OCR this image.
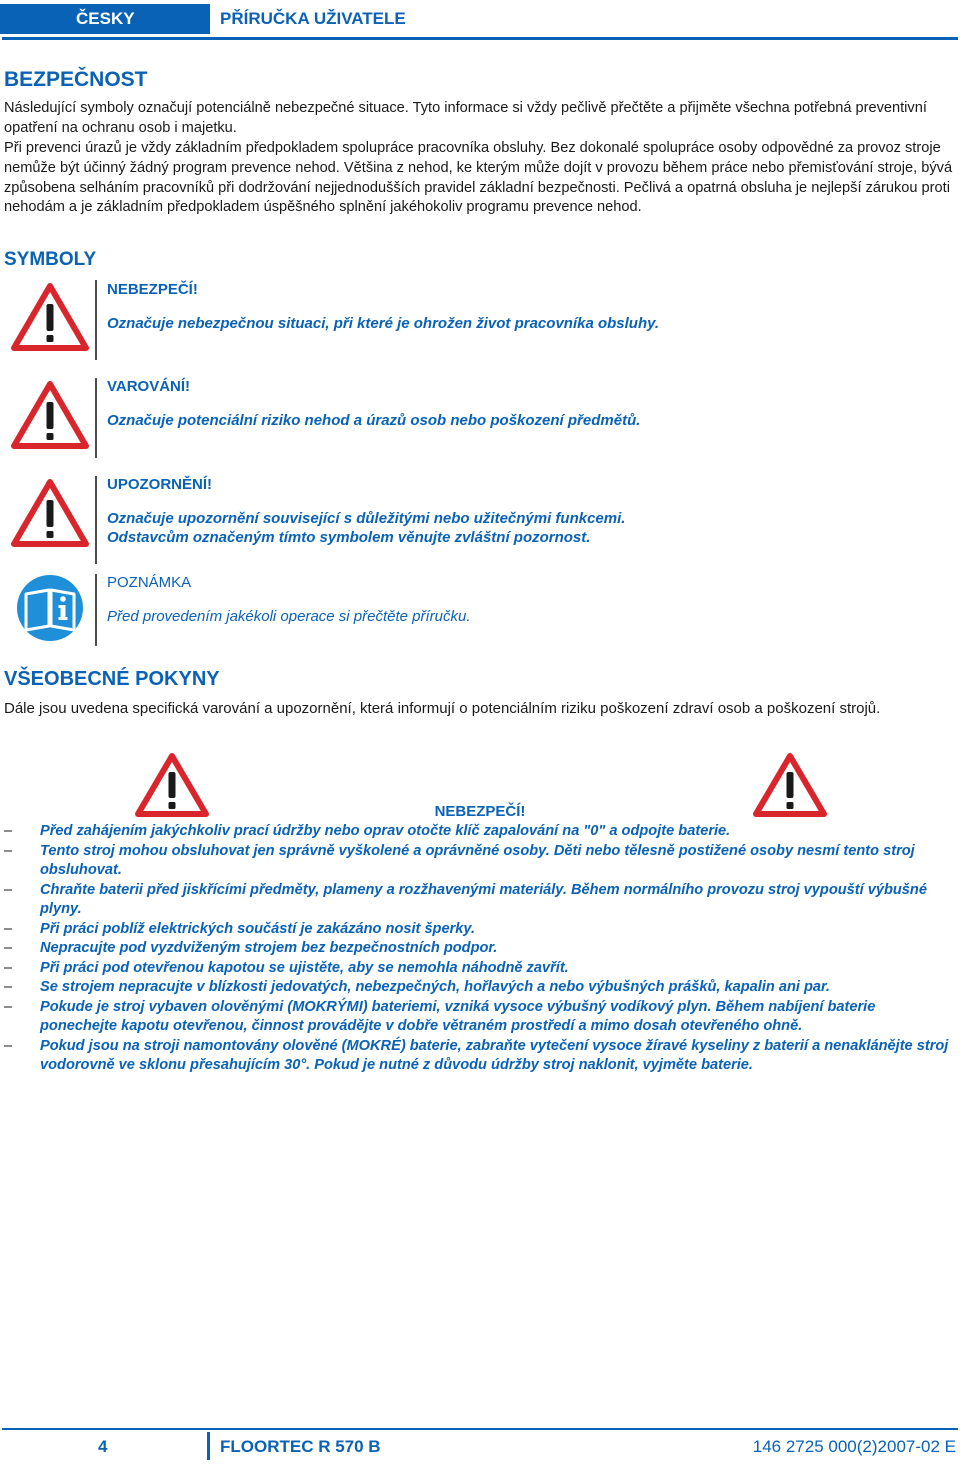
ČESKY	PŘÍRUČKA UŽIVATELE
BEZPEČNOST
Následující symboly označují potenciálně nebezpečné situace. Tyto informace si vždy pečlivě přečtěte a přijměte všechna potřebná preventivní opatření na ochranu osob i majetku.
Při prevenci úrazů je vždy základním předpokladem spolupráce pracovníka obsluhy. Bez dokonalé spolupráce osoby odpovědné za provoz stroje nemůže být účinný žádný program prevence nehod. Většina z nehod, ke kterým může dojít v provozu během práce nebo přemisťování stroje, bývá způsobena selháním pracovníků při dodržování nejjednodušších pravidel základní bezpečnosti. Pečlivá a opatrná obsluha je nejlepší zárukou proti nehodám a je základním předpokladem úspěšného splnění jakéhokoliv programu prevence nehod.
SYMBOLY
NEBEZPEČÍ!
Označuje nebezpečnou situaci, při které je ohrožen život pracovníka obsluhy.
VAROVÁNÍ!
Označuje potenciální riziko nehod a úrazů osob nebo poškození předmětů.
UPOZORNĚNÍ!
Označuje upozornění související s důležitými nebo užitečnými funkcemi.
Odstavcům označeným tímto symbolem věnujte zvláštní pozornost.
POZNÁMKA
Před provedením jakékoli operace si přečtěte příručku.
VŠEOBECNÉ POKYNY
Dále jsou uvedena specifická varování a upozornění, která informují o potenciálním riziku poškození zdraví osob a poškození strojů.
NEBEZPEČÍ!
– Před zahájením jakýchkoliv prací údržby nebo oprav otočte klíč zapalování na "0" a odpojte baterie.
– Tento stroj mohou obsluhovat jen správně vyškolené a oprávněné osoby. Děti nebo tělesně postižené osoby nesmí tento stroj obsluhovat.
– Chraňte baterii před jiskřícími předměty, plameny a rozžhavenými materiály. Během normálního provozu stroj vypouští výbušné plyny.
– Při práci poblíž elektrických součástí je zakázáno nosit šperky.
– Nepracujte pod vyzdviženým strojem bez bezpečnostních podpor.
– Při práci pod otevřenou kapotou se ujistěte, aby se nemohla náhodně zavřít.
– Se strojem nepracujte v blízkosti jedovatých, nebezpečných, hořlavých a nebo výbušných prášků, kapalin ani par.
– Pokude je stroj vybaven olověnými (MOKRÝMI) bateriemi, vzniká vysoce výbušný vodíkový plyn. Během nabíjení baterie ponechejte kapotu otevřenou, činnost provádějte v dobře větraném prostředí a mimo dosah otevřeného ohně.
– Pokud jsou na stroji namontovány olověné (MOKRÉ) baterie, zabraňte vytečení vysoce žíravé kyseliny z baterií a nenaklánějte stroj vodorovně ve sklonu přesahujícím 30°. Pokud je nutné z důvodu údržby stroj naklonit, vyjměte baterie.
4	FLOORTEC R 570 B	146 2725 000(2)2007-02 E
